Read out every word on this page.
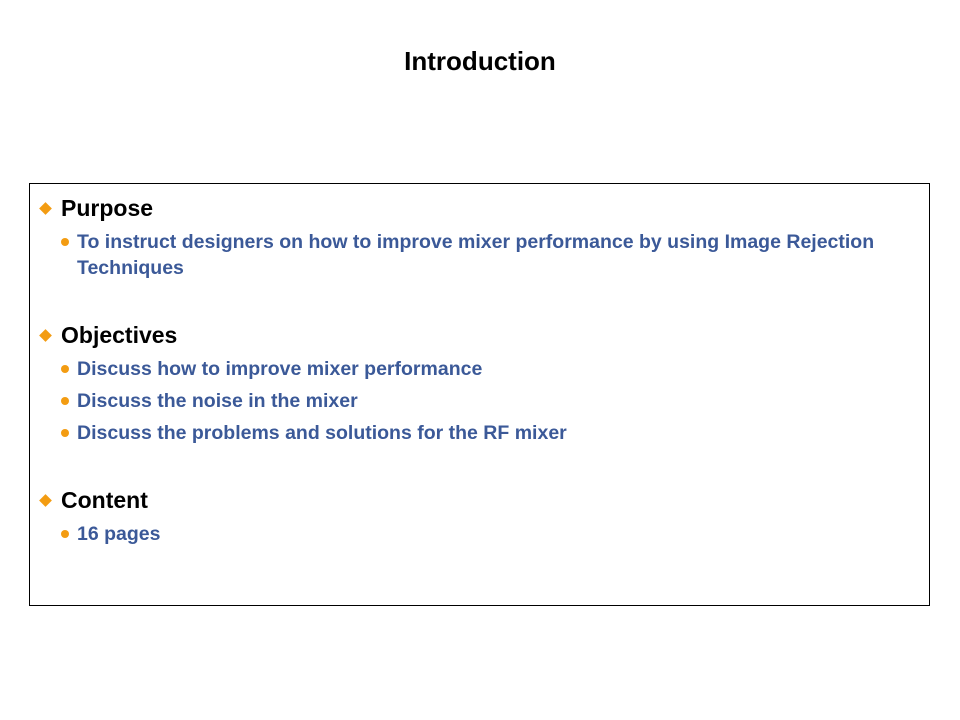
Introduction
Purpose
To instruct designers on how to improve mixer performance by using Image Rejection Techniques
Objectives
Discuss how to improve mixer performance
Discuss the noise in the mixer
Discuss the problems and solutions for the RF mixer
Content
16 pages
